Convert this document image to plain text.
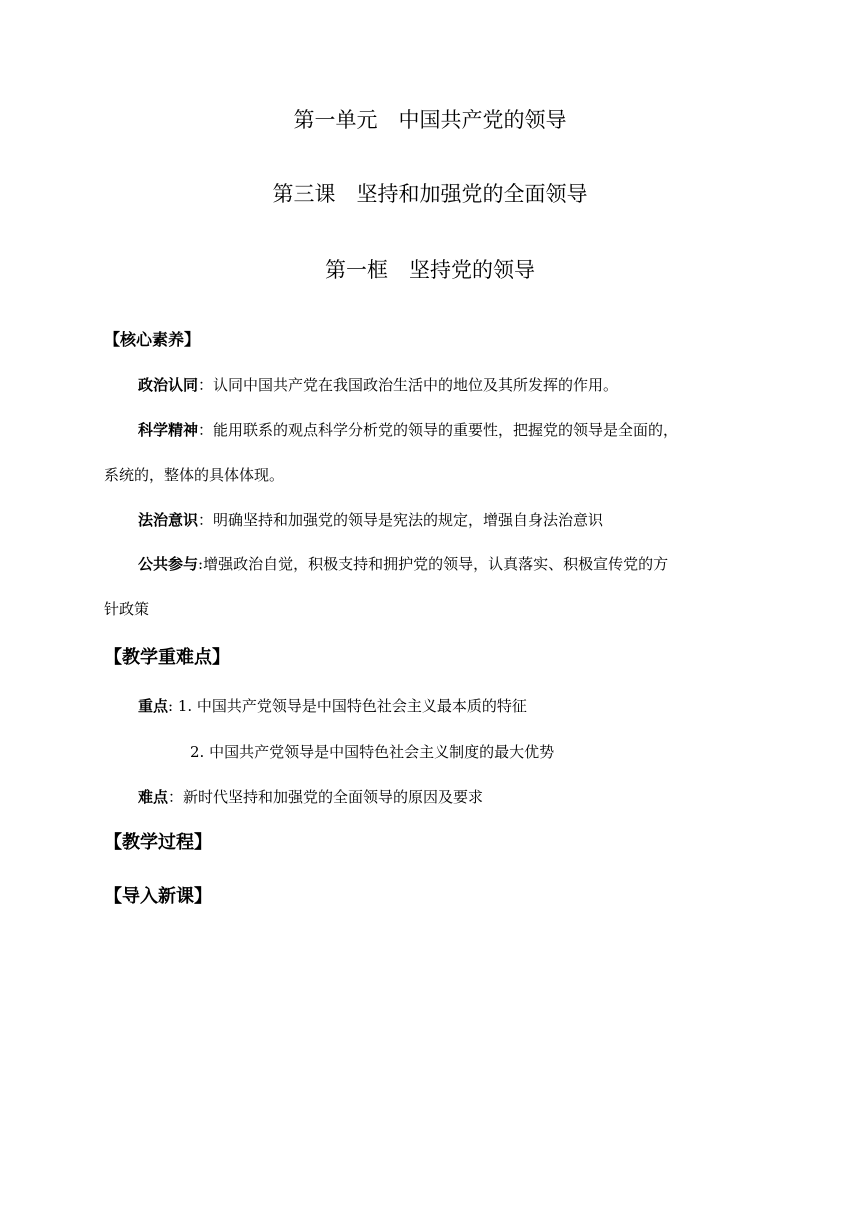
第一单元　中国共产党的领导
第三课　坚持和加强党的全面领导
第一框　坚持党的领导
【核心素养】
政治认同：认同中国共产党在我国政治生活中的地位及其所发挥的作用。
科学精神：能用联系的观点科学分析党的领导的重要性，把握党的领导是全面的，
系统的，整体的具体体现。
法治意识：明确坚持和加强党的领导是宪法的规定，增强自身法治意识
公共参与:增强政治自觉，积极支持和拥护党的领导，认真落实、积极宣传党的方
针政策
【教学重难点】
重点: 1. 中国共产党领导是中国特色社会主义最本质的特征
2. 中国共产党领导是中国特色社会主义制度的最大优势
难点：新时代坚持和加强党的全面领导的原因及要求
【教学过程】
【导入新课】
